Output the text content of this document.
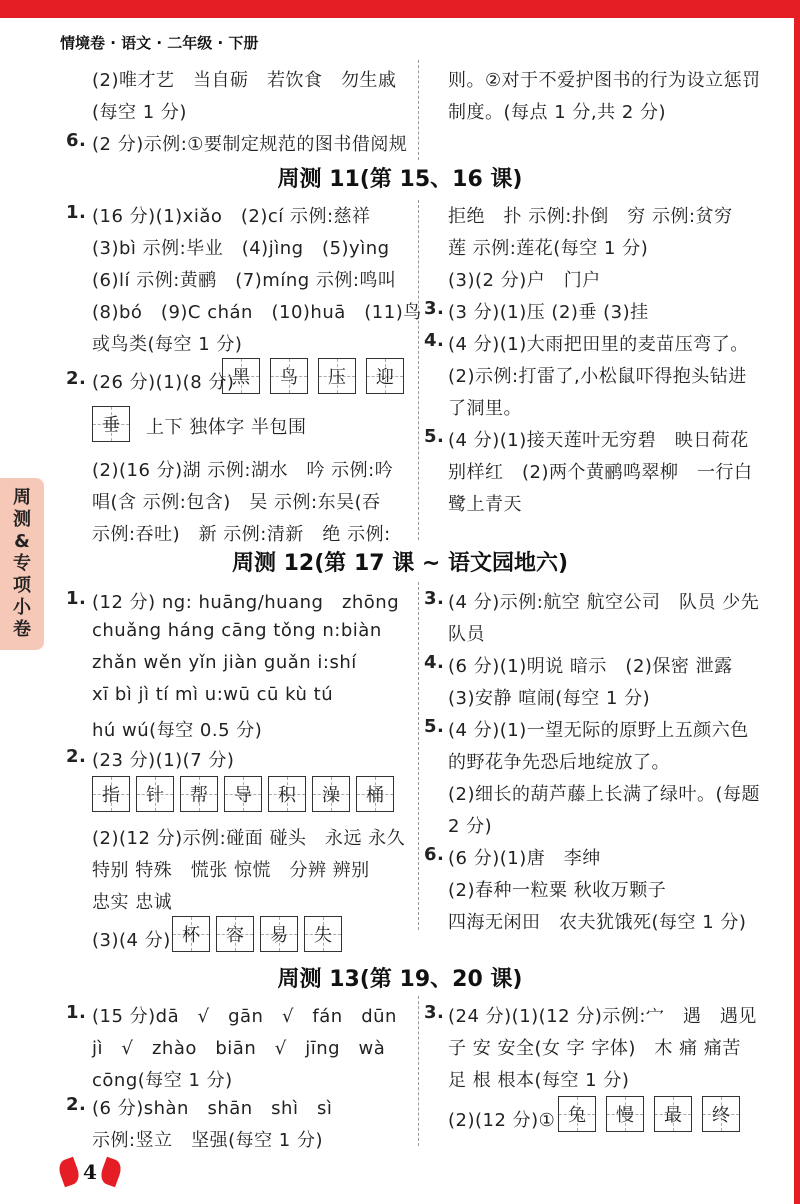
情境卷 · 语文 · 二年级 · 下册
周
测
&
专
项
小
卷
(2)唯才艺　当自砺　若饮食　勿生戚
(每空 1 分)
6. (2 分)示例:①要制定规范的图书借阅规
则。②对于不爱护图书的行为设立惩罚
制度。(每点 1 分,共 2 分)
周测 11(第 15、16 课)
1. (16 分)(1)xiǎo　(2)cí 示例:慈祥
(3)bì 示例:毕业　(4)jìng　(5)yìng
(6)lí 示例:黄鹂　(7)míng 示例:鸣叫
(8)bó　(9)C chán　(10)huā　(11)鸟
或鸟类(每空 1 分)
2. (26 分)(1)(8 分)
黑 鸟 压 迎
垂 上下 独体字 半包围
(2)(16 分)湖 示例:湖水　吟 示例:吟
唱(含 示例:包含)　吴 示例:东吴(吞
示例:吞吐)　新 示例:清新　绝 示例:
拒绝　扑 示例:扑倒　穷 示例:贫穷
莲 示例:莲花(每空 1 分)
(3)(2 分)户　门户
3. (3 分)(1)压 (2)垂 (3)挂
4. (4 分)(1)大雨把田里的麦苗压弯了。
(2)示例:打雷了,小松鼠吓得抱头钻进
了洞里。
5. (4 分)(1)接天莲叶无穷碧　映日荷花
别样红　(2)两个黄鹂鸣翠柳　一行白
鹭上青天
周测 12(第 17 课 ~ 语文园地六)
1. (12 分) ng: huāng/huang　zhōng
chuǎng háng cāng tǒng n:biàn
zhǎn wěn yǐn jiàn guǎn i:shí
xī bì jì tí mì u:wū cū kù tú
hú wú(每空 0.5 分)
2. (23 分)(1)(7 分)
指 针 帮 导 积 澡 桶
(2)(12 分)示例:碰面 碰头　永远 永久
特别 特殊　慌张 惊慌　分辨 辨别
忠实 忠诚
(3)(4 分) 杯 容 易 失
3. (4 分)示例:航空 航空公司　队员 少先
队员
4. (6 分)(1)明说 暗示　(2)保密 泄露
(3)安静 喧闹(每空 1 分)
5. (4 分)(1)一望无际的原野上五颜六色
的野花争先恐后地绽放了。
(2)细长的葫芦藤上长满了绿叶。(每题
2 分)
6. (6 分)(1)唐　李绅
(2)春种一粒粟 秋收万颗子
四海无闲田　农夫犹饿死(每空 1 分)
周测 13(第 19、20 课)
1. (15 分)dā　√　gān　√　fán　dūn
jì　√　zhào　biān　√　jīng　wà
cōng(每空 1 分)
2. (6 分)shàn　shān　shì　sì
示例:竖立　坚强(每空 1 分)
3. (24 分)(1)(12 分)示例:宀　遇　遇见
子 安 安全(女 字 字体)　木 痛 痛苦
足 根 根本(每空 1 分)
(2)(12 分)① 兔 慢 最 终
4
